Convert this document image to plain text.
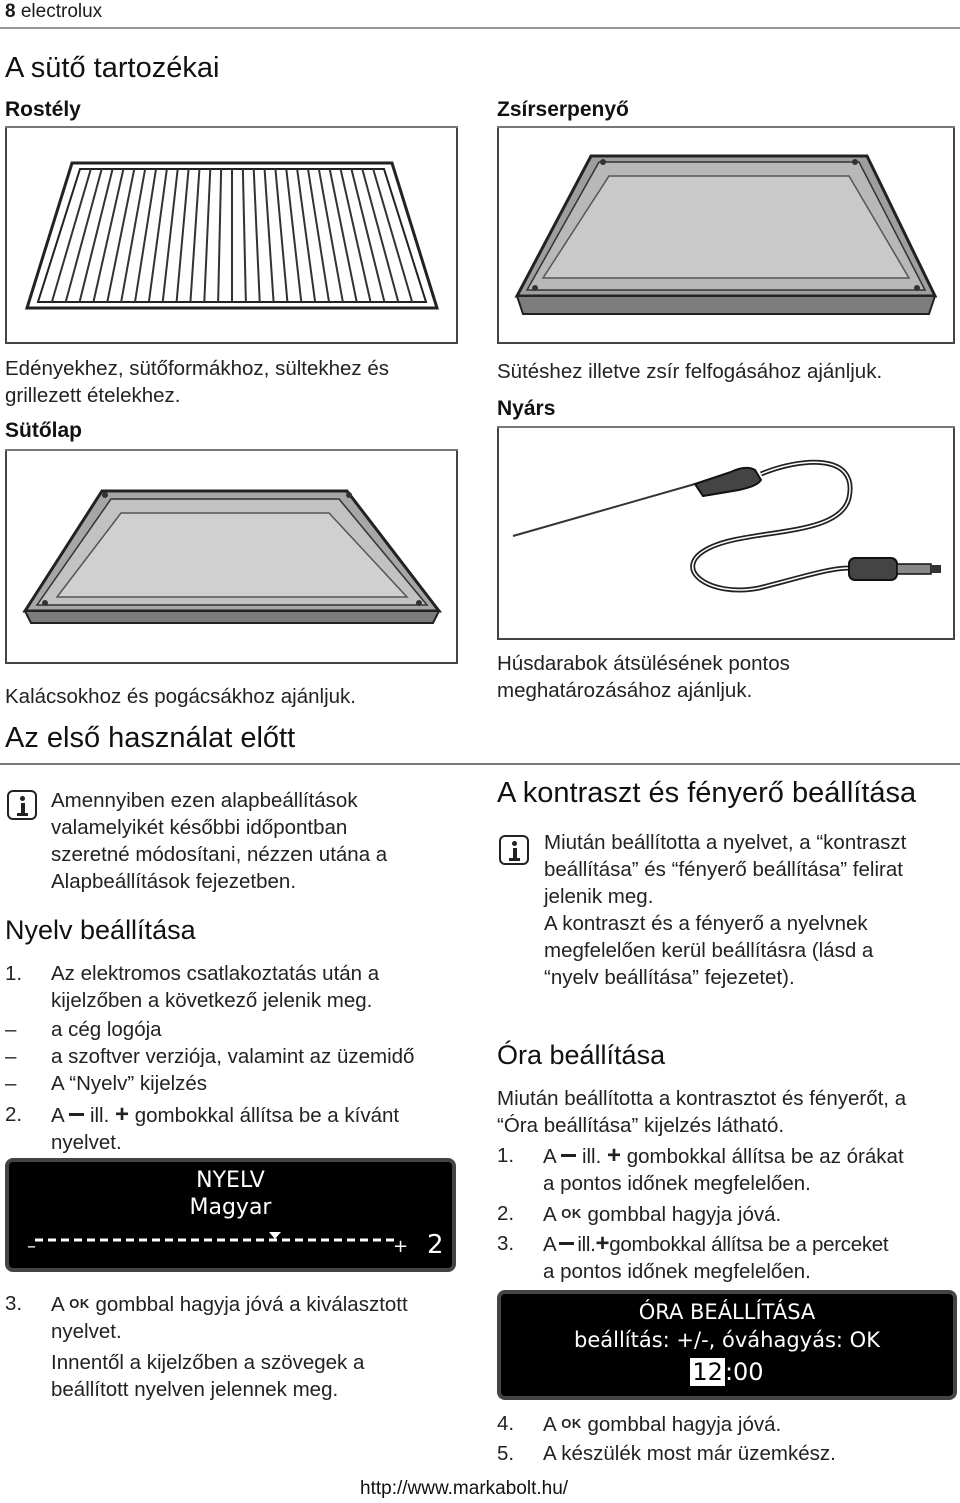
8 electrolux
A sütő tartozékai
Rostély
Edényekhez, sütőformákhoz, sültekhez és
grillezett ételekhez.
Zsírserpenyő
Sütéshez illetve zsír felfogásához ajánljuk.
Nyárs
Húsdarabok átsülésének pontos
meghatározásához ajánljuk.
Sütőlap
Kalácsokhoz és pogácsákhoz ajánljuk.
Az első használat előtt
Amennyiben ezen alapbeállítások
valamelyikét későbbi időpontban
szeretné módosítani, nézzen utána a
Alapbeállítások fejezetben.
Nyelv beállítása
1.	Az elektromos csatlakoztatás után a
kijelzőben a következő jelenik meg.
–	a cég logója
–	a szoftver verziója, valamint az üzemidő
–	A “Nyelv” kijelzés
2.	A ill. + gombokkal állítsa be a kívánt
nyelvet.
NYELV
Magyar
–	+ 2
3.	A OK gombbal hagyja jóvá a kiválasztott
nyelvet.
Innentől a kijelzőben a szövegek a
beállított nyelven jelennek meg.
A kontraszt és fényerő beállítása
Miután beállította a nyelvet, a “kontraszt
beállítása” és “fényerő beállítása” felirat
jelenik meg.
A kontraszt és a fényerő a nyelvnek
megfelelően kerül beállításra (lásd a
“nyelv beállítása” fejezetet).
Óra beállítása
Miután beállította a kontrasztot és fényerőt, a
“Óra beállítása” kijelzés látható.
1.	A ill. + gombokkal állítsa be az órákat
a pontos időnek megfelelően.
2.	A OK gombbal hagyja jóvá.
3.	A ill.+gombokkal állítsa be a perceket
a pontos időnek megfelelően.
ÓRA BEÁLLÍTÁSA
beállítás: +/-, óváhagyás: OK
12:00
4.	A OK gombbal hagyja jóvá.
5.	A készülék most már üzemkész.
http://www.markabolt.hu/
